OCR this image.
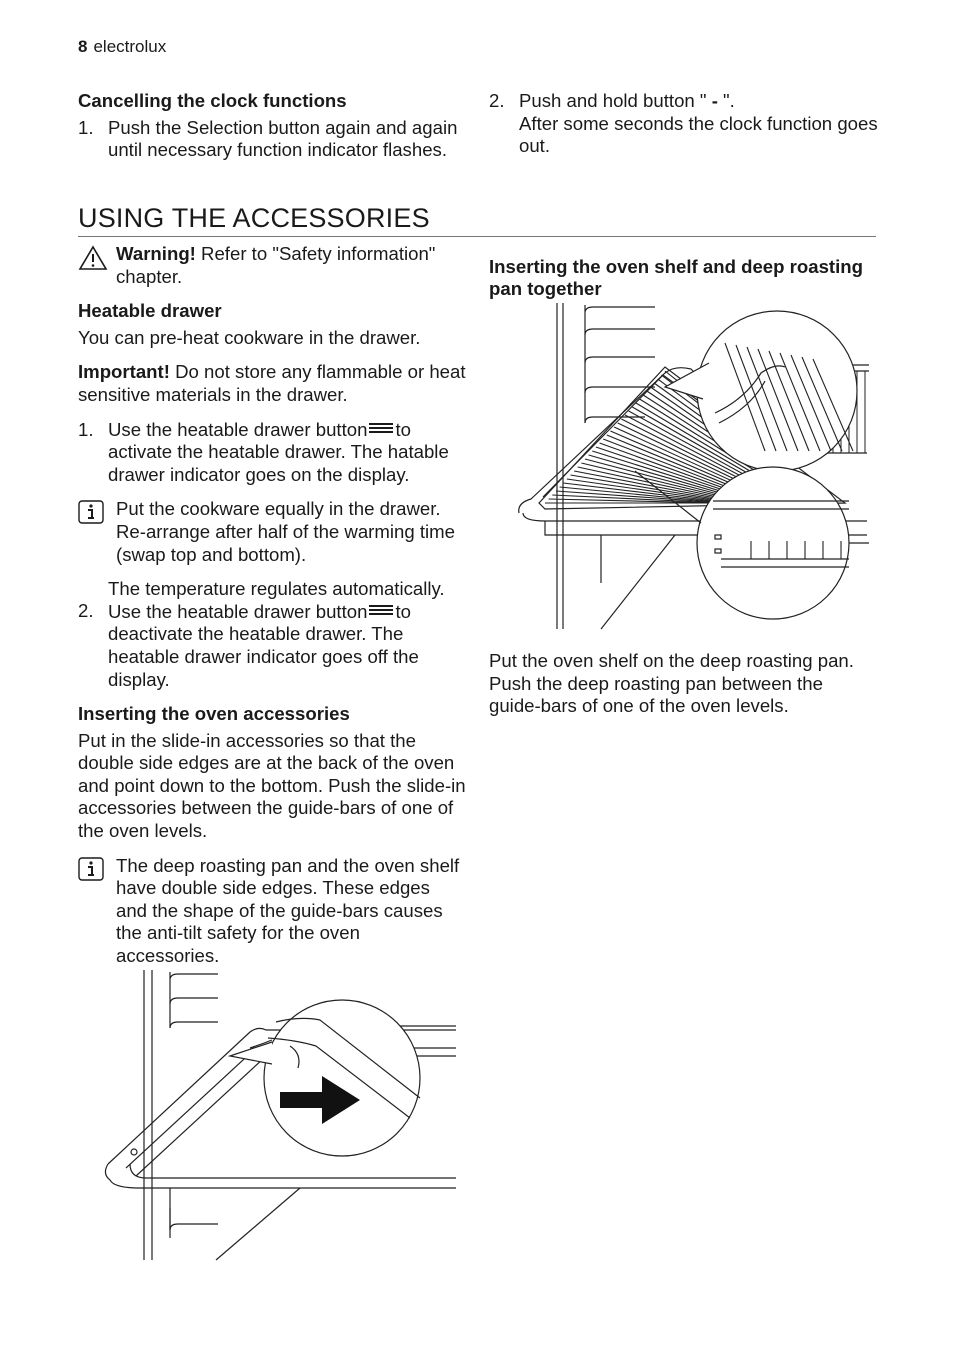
8 electrolux

Cancelling the clock functions

1. Push the Selection button again and again until necessary function indicator flashes.
2. Push and hold button " - ".
After some seconds the clock function goes out.
USING THE ACCESSORIES
Warning! Refer to "Safety information" chapter.

Heatable drawer

You can pre-heat cookware in the drawer.

Important! Do not store any flammable or heat sensitive materials in the drawer.

1. Use the heatable drawer button to activate the heatable drawer. The hatable drawer indicator goes on the display.
Put the cookware equally in the drawer. Re-arrange after half of the warming time (swap top and bottom).
2.
The temperature regulates automatically.
Use the heatable drawer button to deactivate the heatable drawer. The heatable drawer indicator goes off the display.

Inserting the oven accessories

Put in the slide-in accessories so that the double side edges are at the back of the oven and point down to the bottom. Push the slide-in accessories between the guide-bars of one of the oven levels.

The deep roasting pan and the oven shelf have double side edges. These edges and the shape of the guide-bars causes the anti-tilt safety for the oven accessories.

Inserting the oven shelf and deep roasting pan together

Put the oven shelf on the deep roasting pan. Push the deep roasting pan between the guide-bars of one of the oven levels.
